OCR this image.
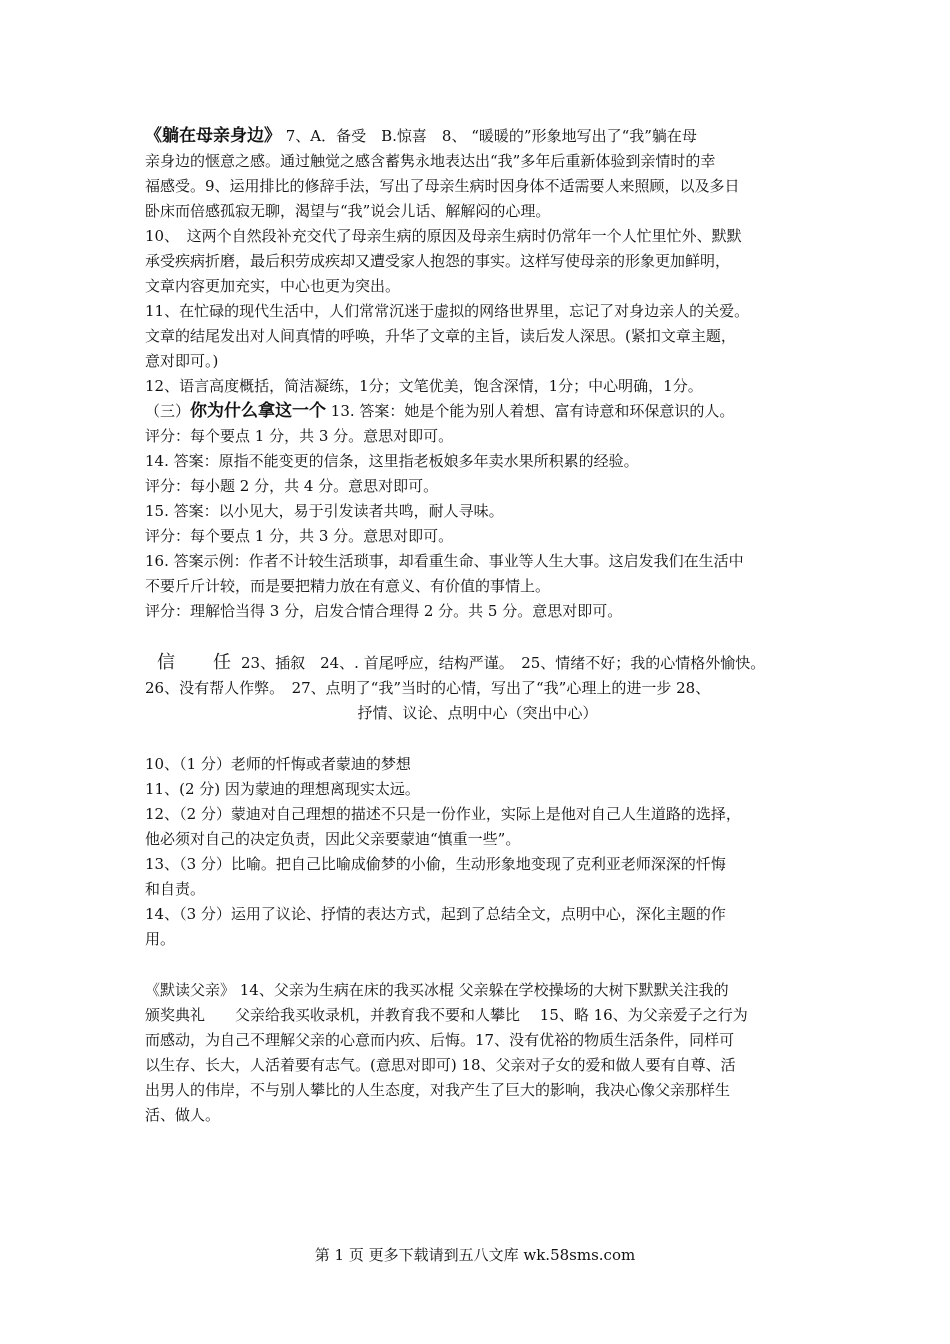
《躺在母亲身边》 7、A．备受　B.惊喜　8、 “暖暖的”形象地写出了“我”躺在母

亲身边的惬意之感。通过触觉之感含蓄隽永地表达出“我”多年后重新体验到亲情时的幸

福感受。9、运用排比的修辞手法，写出了母亲生病时因身体不适需要人来照顾，以及多日

卧床而倍感孤寂无聊，渴望与“我”说会儿话、解解闷的心理。

10、　这两个自然段补充交代了母亲生病的原因及母亲生病时仍常年一个人忙里忙外、默默

承受疾病折磨，最后积劳成疾却又遭受家人抱怨的事实。这样写使母亲的形象更加鲜明，

文章内容更加充实，中心也更为突出。

11、在忙碌的现代生活中，人们常常沉迷于虚拟的网络世界里，忘记了对身边亲人的关爱。

文章的结尾发出对人间真情的呼唤，升华了文章的主旨，读后发人深思。(紧扣文章主题，

意对即可。)

12、语言高度概括，简洁凝练，1分；文笔优美，饱含深情，1分；中心明确，1分。

（三）你为什么拿这一个 13. 答案：她是个能为别人着想、富有诗意和环保意识的人。

评分：每个要点 1 分，共 3 分。意思对即可。

14. 答案：原指不能变更的信条，这里指老板娘多年卖水果所积累的经验。

评分：每小题 2 分，共 4 分。意思对即可。

15. 答案：以小见大，易于引发读者共鸣，耐人寻味。

评分：每个要点 1 分，共 3 分。意思对即可。

16. 答案示例：作者不计较生活琐事，却看重生命、事业等人生大事。这启发我们在生活中

不要斤斤计较，而是要把精力放在有意义、有价值的事情上。

评分：理解恰当得 3 分，启发合情合理得 2 分。共 5 分。意思对即可。

信　任23、插叙　24、. 首尾呼应，结构严谨。　25、情绪不好；我的心情格外愉快。

26、没有帮人作弊。　27、点明了“我”当时的心情，写出了“我”心理上的进一步 28、

抒情、议论、点明中心（突出中心）

10、（1 分）老师的忏悔或者蒙迪的梦想

11、(2 分) 因为蒙迪的理想离现实太远。

12、（2 分）蒙迪对自己理想的描述不只是一份作业，实际上是他对自己人生道路的选择，

他必须对自己的决定负责，因此父亲要蒙迪“慎重一些”。

13、（3 分）比喻。把自己比喻成偷梦的小偷，生动形象地变现了克利亚老师深深的忏悔

和自责。

14、（3 分）运用了议论、抒情的表达方式，起到了总结全文，点明中心，深化主题的作

用。

《默读父亲》 14、父亲为生病在床的我买冰棍 父亲躲在学校操场的大树下默默关注我的

颁奖典礼　　父亲给我买收录机，并教育我不要和人攀比　 15、略 16、为父亲爱子之行为

而感动，为自己不理解父亲的心意而内疚、后悔。17、没有优裕的物质生活条件，同样可

以生存、长大，人活着要有志气。(意思对即可) 18、父亲对子女的爱和做人要有自尊、活

出男人的伟岸，不与别人攀比的人生态度，对我产生了巨大的影响，我决心像父亲那样生

活、做人。

第 1 页 更多下载请到五八文库 wk.58sms.com
